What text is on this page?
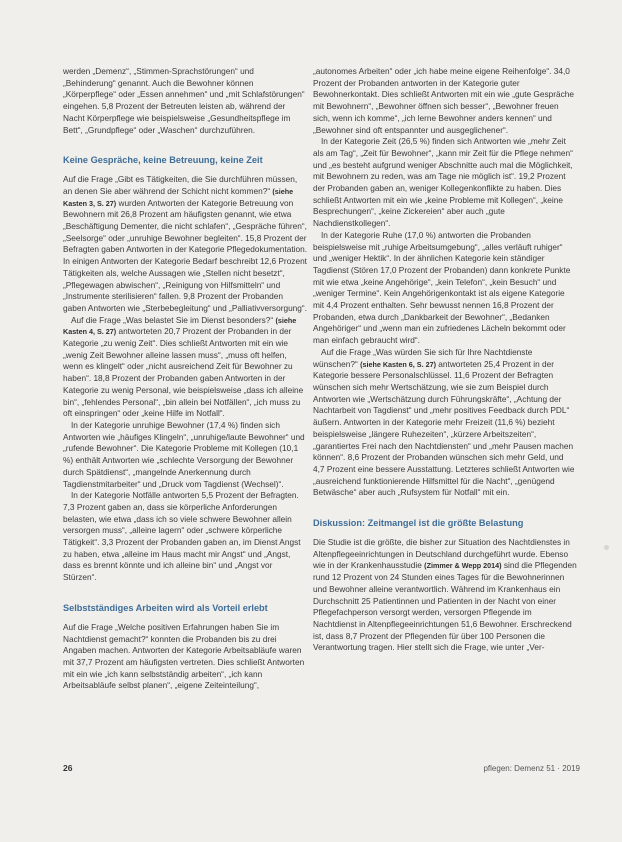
werden „Demenz“, „Stimmen-Sprachstörungen“ und „Behinderung“ genannt. Auch die Bewohner können „Körperpflege“ oder „Essen annehmen“ und „mit Schlafstörungen“ eingehen. 5,8 Prozent der Betreuten leisten ab, während der Nacht Körperpflege wie beispielsweise „Gesundheitspflege im Bett“, „Grundpflege“ oder „Waschen“ durchzuführen.

Keine Gespräche, keine Betreuung, keine Zeit

Auf die Frage „Gibt es Tätigkeiten, die Sie durchführen müssen, an denen Sie aber während der Schicht nicht kommen?“ (siehe Kasten 3, S. 27) wurden Antworten der Kategorie Betreuung von Bewohnern mit 26,8 Prozent am häufigsten genannt, wie etwa „Beschäftigung Dementer, die nicht schlafen“, „Gespräche führen“, „Seelsorge“ oder „unruhige Bewohner begleiten“. 15,8 Prozent der Befragten gaben Antworten in der Kategorie Pflegedokumentation. In einigen Antworten der Kategorie Bedarf beschreibt 12,6 Prozent Tätigkeiten als, welche Aussagen wie „Stellen nicht besetzt“, „Pflegewagen abwischen“, „Reinigung von Hilfsmitteln“ und „Instrumente sterilisieren“ fallen. 9,8 Prozent der Probanden gaben Antworten wie „Sterbebegleitung“ und „Palliativversorgung“.

Auf die Frage „Was belastet Sie im Dienst besonders?“ (siehe Kasten 4, S. 27) antworteten 20,7 Prozent der Probanden in der Kategorie „zu wenig Zeit“. Dies schließt Antworten mit ein wie „wenig Zeit Bewohner alleine lassen muss“, „muss oft helfen, wenn es klingelt“ oder „nicht ausreichend Zeit für Bewohner zu haben“. 18,8 Prozent der Probanden gaben Antworten in der Kategorie zu wenig Personal, wie beispielsweise „dass ich alleine bin“, „fehlendes Personal“, „bin allein bei Notfällen“, „ich muss zu oft einspringen“ oder „keine Hilfe im Notfall“.

In der Kategorie unruhige Bewohner (17,4 %) finden sich Antworten wie „häufiges Klingeln“, „unruhige/laute Bewohner“ und „rufende Bewohner“. Die Kategorie Probleme mit Kollegen (10,1 %) enthält Antworten wie „schlechte Versorgung der Bewohner durch Spätdienst“, „mangelnde Anerkennung durch Tagdienstmitarbeiter“ und „Druck vom Tagdienst (Wechsel)“.

In der Kategorie Notfälle antworten 5,5 Prozent der Befragten. 7,3 Prozent gaben an, dass sie körperliche Anforderungen belasten, wie etwa „dass ich so viele schwere Bewohner allein versorgen muss“, „alleine lagern“ oder „schwere körperliche Tätigkeit“. 3,3 Prozent der Probanden gaben an, im Dienst Angst zu haben, etwa „alleine im Haus macht mir Angst“ und „Angst, dass es brennt könnte und ich alleine bin“ und „Angst vor Stürzen“.

Selbstständiges Arbeiten wird als Vorteil erlebt

Auf die Frage „Welche positiven Erfahrungen haben Sie im Nachtdienst gemacht?“ konnten die Probanden bis zu drei Angaben machen. Antworten der Kategorie Arbeitsabläufe waren mit 37,7 Prozent am häufigsten vertreten. Dies schließt Antworten mit ein wie „ich kann selbstständig arbeiten“, „ich kann Arbeitsabläufe selbst planen“, „eigene Zeiteinteilung“,

„autonomes Arbeiten“ oder „ich habe meine eigene Reihenfolge“. 34,0 Prozent der Probanden antworten in der Kategorie guter Bewohnerkontakt. Dies schließt Antworten mit ein wie „gute Gespräche mit Bewohnern“, „Bewohner öffnen sich besser“, „Bewohner freuen sich, wenn ich komme“, „ich lerne Bewohner anders kennen“ und „Bewohner sind oft entspannter und ausgeglichener“.

In der Kategorie Zeit (26,5 %) finden sich Antworten wie „mehr Zeit als am Tag“, „Zeit für Bewohner“, „kann mir Zeit für die Pflege nehmen“ und „es besteht aufgrund weniger Abschnitte auch mal die Möglichkeit, mit Bewohnern zu reden, was am Tage nie möglich ist“. 19,2 Prozent der Probanden gaben an, weniger Kollegenkonflikte zu haben. Dies schließt Antworten mit ein wie „keine Probleme mit Kollegen“, „keine Besprechungen“, „keine Zickereien“ aber auch „gute Nachdienstkollegen“.

In der Kategorie Ruhe (17,0 %) antworten die Probanden beispielsweise mit „ruhige Arbeitsumgebung“, „alles verläuft ruhiger“ und „weniger Hektik“. In der ähnlichen Kategorie kein ständiger Tagdienst (Stören 17,0 Prozent der Probanden) dann konkrete Punkte mit wie etwa „keine Angehörige“, „kein Telefon“, „kein Besuch“ und „weniger Termine“. Kein Angehörigenkontakt ist als eigene Kategorie mit 4,4 Prozent enthalten. Sehr bewusst nennen 16,8 Prozent der Probanden, etwa durch „Dankbarkeit der Bewohner“, „Bedanken Angehöriger“ und „wenn man ein zufriedenes Lächeln bekommt oder man einfach gebraucht wird“.

Auf die Frage „Was würden Sie sich für Ihre Nachtdienste wünschen?“ (siehe Kasten 6, S. 27) antworteten 25,4 Prozent in der Kategorie bessere Personalschlüssel. 11,6 Prozent der Befragten wünschen sich mehr Wertschätzung, wie sie zum Beispiel durch Antworten wie „Wertschätzung durch Führungskräfte“, „Achtung der Nachtarbeit von Tagdienst“ und „mehr positives Feedback durch PDL“ äußern. Antworten in der Kategorie mehr Freizeit (11,6 %) bezieht beispielsweise „längere Ruhezeiten“, „kürzere Arbeitszeiten“, „garantiertes Frei nach den Nachtdiensten“ und „mehr Pausen machen können“. 8,6 Prozent der Probanden wünschen sich mehr Geld, und 4,7 Prozent eine bessere Ausstattung. Letzteres schließt Antworten wie „ausreichend funktionierende Hilfsmittel für die Nacht“, „genügend Betwäsche“ aber auch „Rufsystem für Notfall“ mit ein.

Diskussion: Zeitmangel ist die größte Belastung

Die Studie ist die größte, die bisher zur Situation des Nachtdienstes in Altenpflegeeinrichtungen in Deutschland durchgeführt wurde. Ebenso wie in der Krankenhausstudie (Zimmer & Wepp 2014) sind die Pflegenden rund 12 Prozent von 24 Stunden eines Tages für die Bewohnerinnen und Bewohner alleine verantwortlich. Während im Krankenhaus ein Durchschnitt 25 Patientinnen und Patienten in der Nacht von einer Pflegefachperson versorgt werden, versorgen Pflegende im Nachtdienst in Altenpflegeeinrichtungen 51,6 Bewohner. Erschreckend ist, dass 8,7 Prozent der Pflegenden für über 100 Personen die Verantwortung tragen. Hier stellt sich die Frage, wie unter „Ver-

26	pflegen: Demenz 51 · 2019
